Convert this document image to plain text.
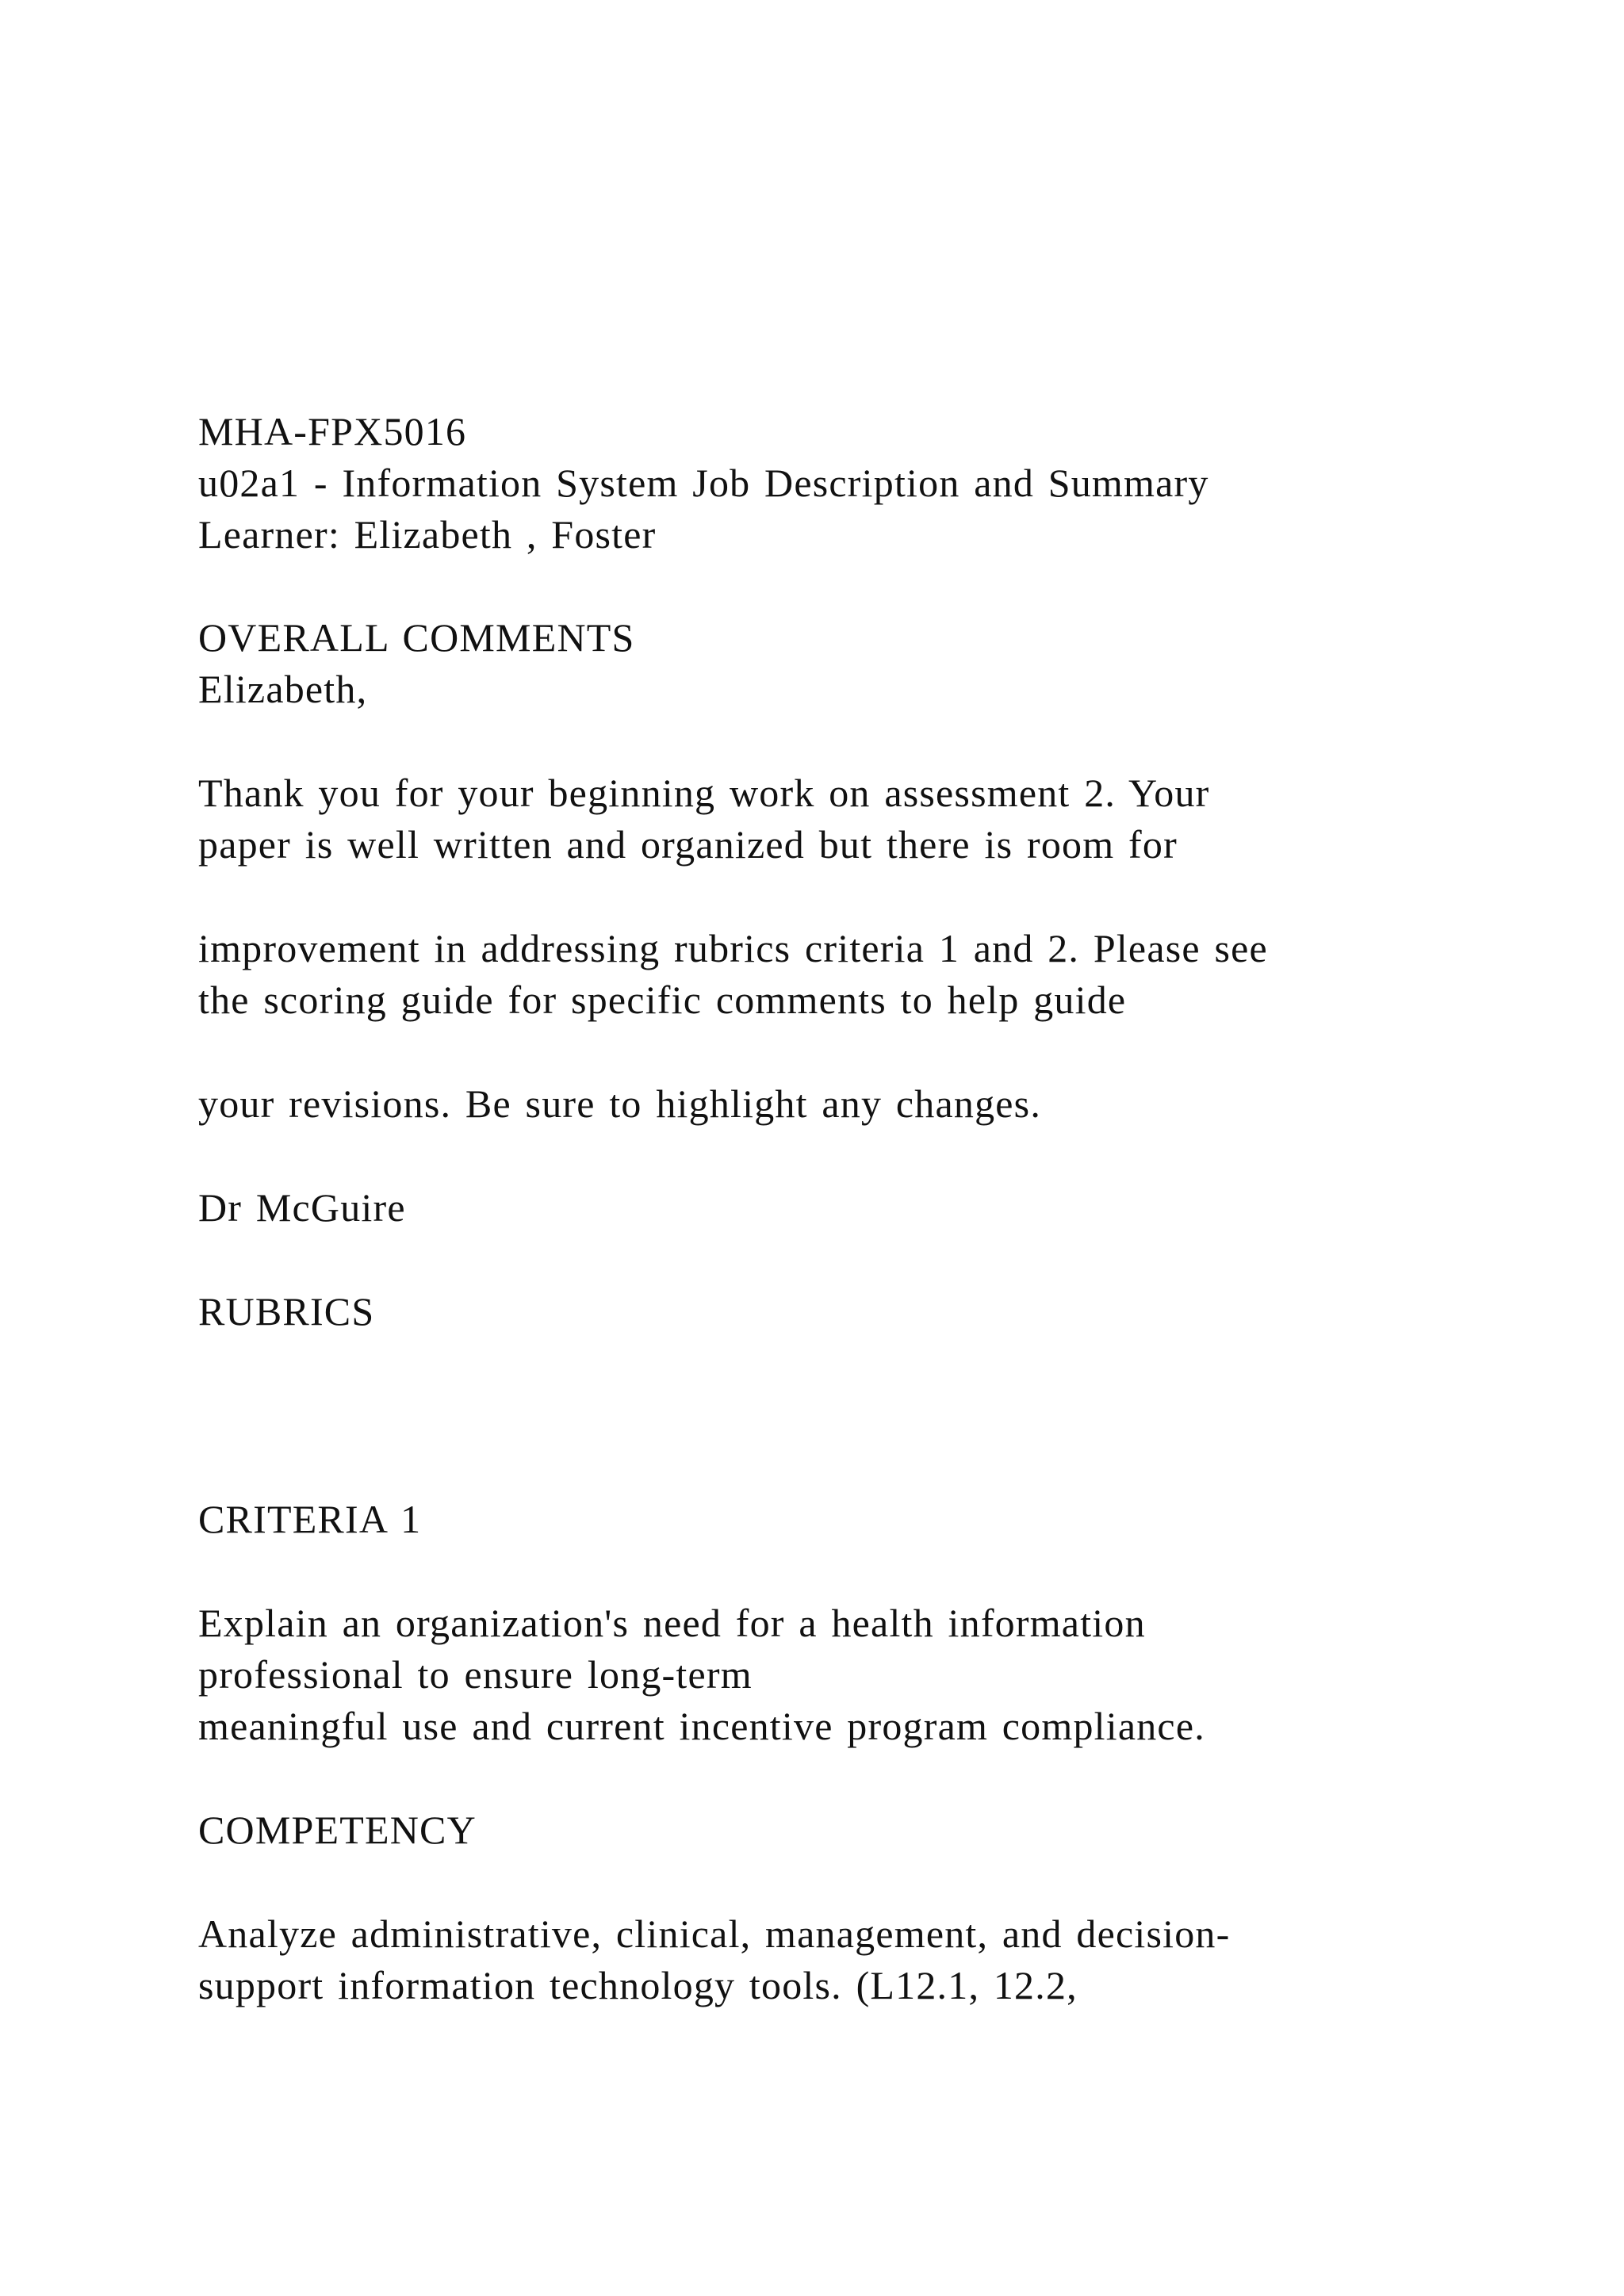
MHA-FPX5016
u02a1 - Information System Job Description and Summary
Learner: Elizabeth , Foster
OVERALL COMMENTS
Elizabeth,
Thank you for your beginning work on assessment 2. Your
paper is well written and organized but there is room for
improvement in addressing rubrics criteria 1 and 2. Please see
the scoring guide for specific comments to help guide
your revisions. Be sure to highlight any changes.
Dr McGuire
RUBRICS
CRITERIA 1
Explain an organization's need for a health information
professional to ensure long-term
meaningful use and current incentive program compliance.
COMPETENCY
Analyze administrative, clinical, management, and decision-
support information technology tools. (L12.1, 12.2,
